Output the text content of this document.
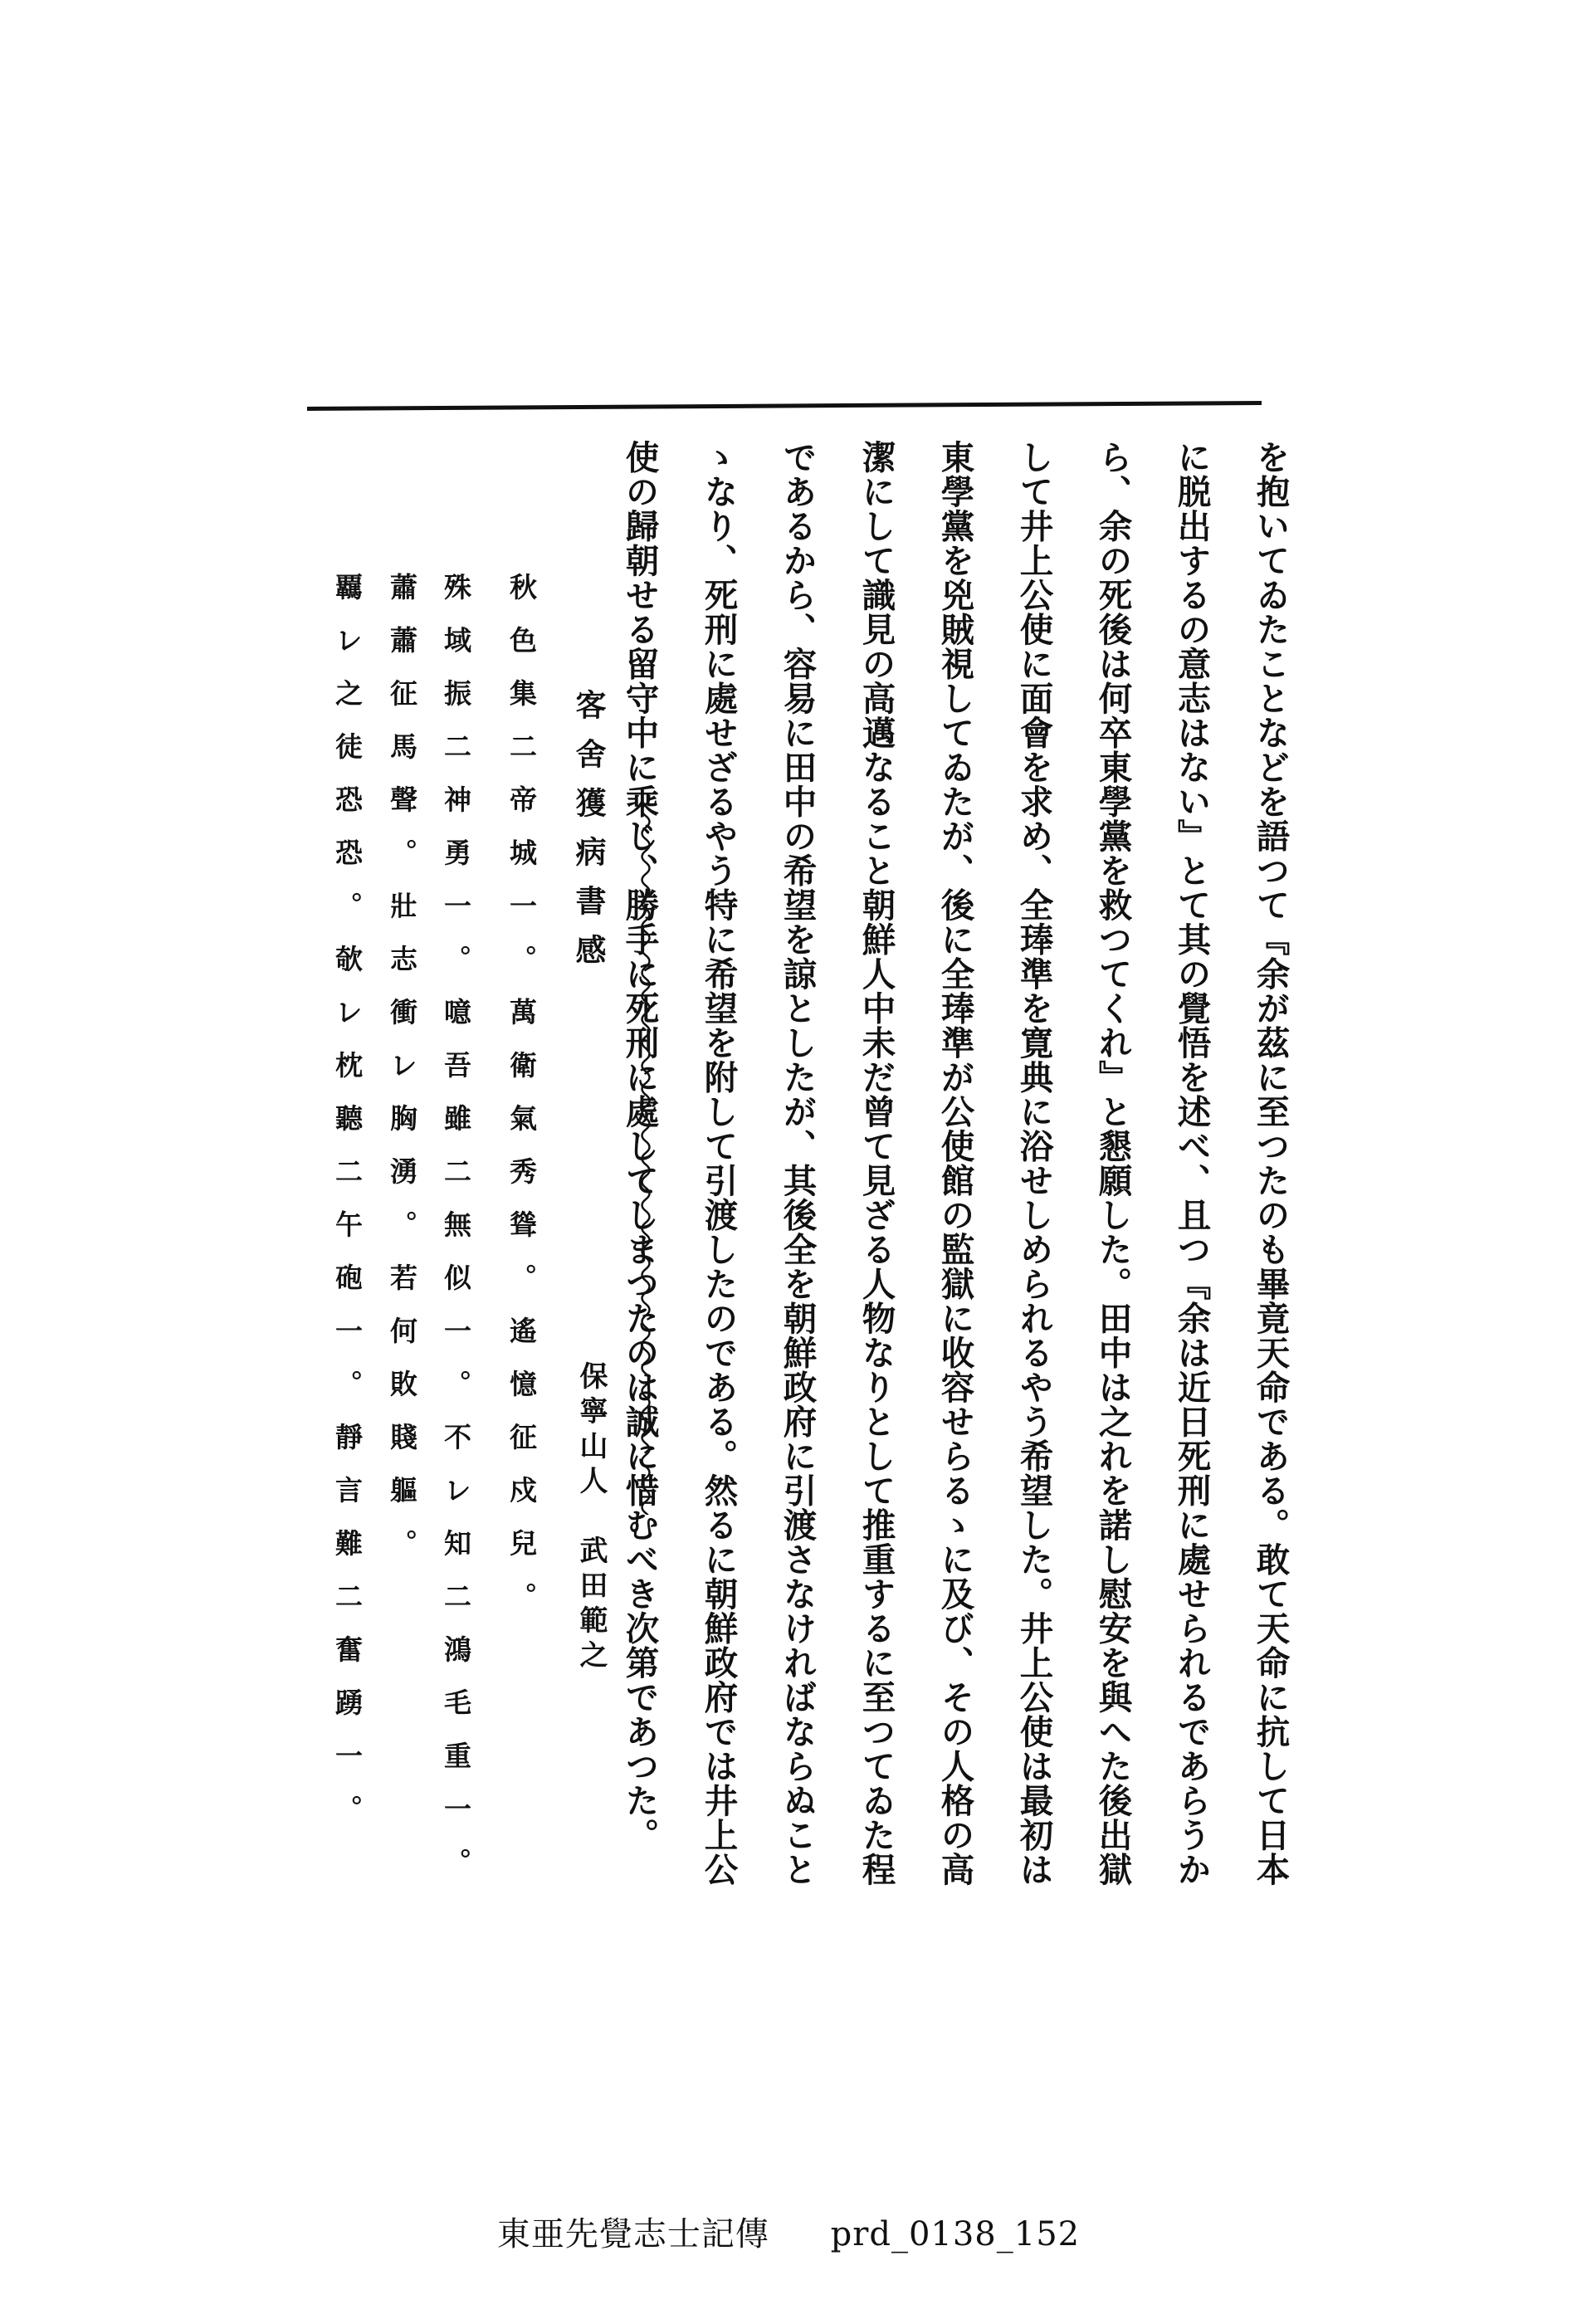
を抱いてゐたことなどを語つて『余が茲に至つたのも畢竟天命である。敢て天命に抗して日本
に脱出するの意志はない』とて其の覺悟を述べ、且つ『余は近日死刑に處せられるであらうか
ら、余の死後は何卒東學黨を救つてくれ』と懇願した。田中は之れを諾し慰安を與へた後出獄
して井上公使に面會を求め、全琫準を寛典に浴せしめられるやう希望した。井上公使は最初は
東學黨を兇賊視してゐたが、後に全琫準が公使館の監獄に收容せらるゝに及び、その人格の高
潔にして識見の高邁なること朝鮮人中未だ曾て見ざる人物なりとして推重するに至つてゐた程
であるから、容易に田中の希望を諒としたが、其後全を朝鮮政府に引渡さなければならぬこと
ゝなり、死刑に處せざるやう特に希望を附して引渡したのである。然るに朝鮮政府では井上公
使の歸朝せる留守中に乘じ、勝手に死刑に處してしまつたのは誠に惜むべき次第であつた。
客舍獲病書感
保寧山人　武田範之
秋色集二帝城一。萬衛氣秀聳。遙憶征戍兒。
殊域振二神勇一。噫吾雖二無似一。不レ知二鴻毛重一。
蕭蕭征馬聲。壯志衝レ胸湧。若何敗賤軀。
覊レ之徒恐恐。欹レ枕聽二午砲一。靜言難二奮踴一。
東亜先覺志士記傳 prd_0138_152
